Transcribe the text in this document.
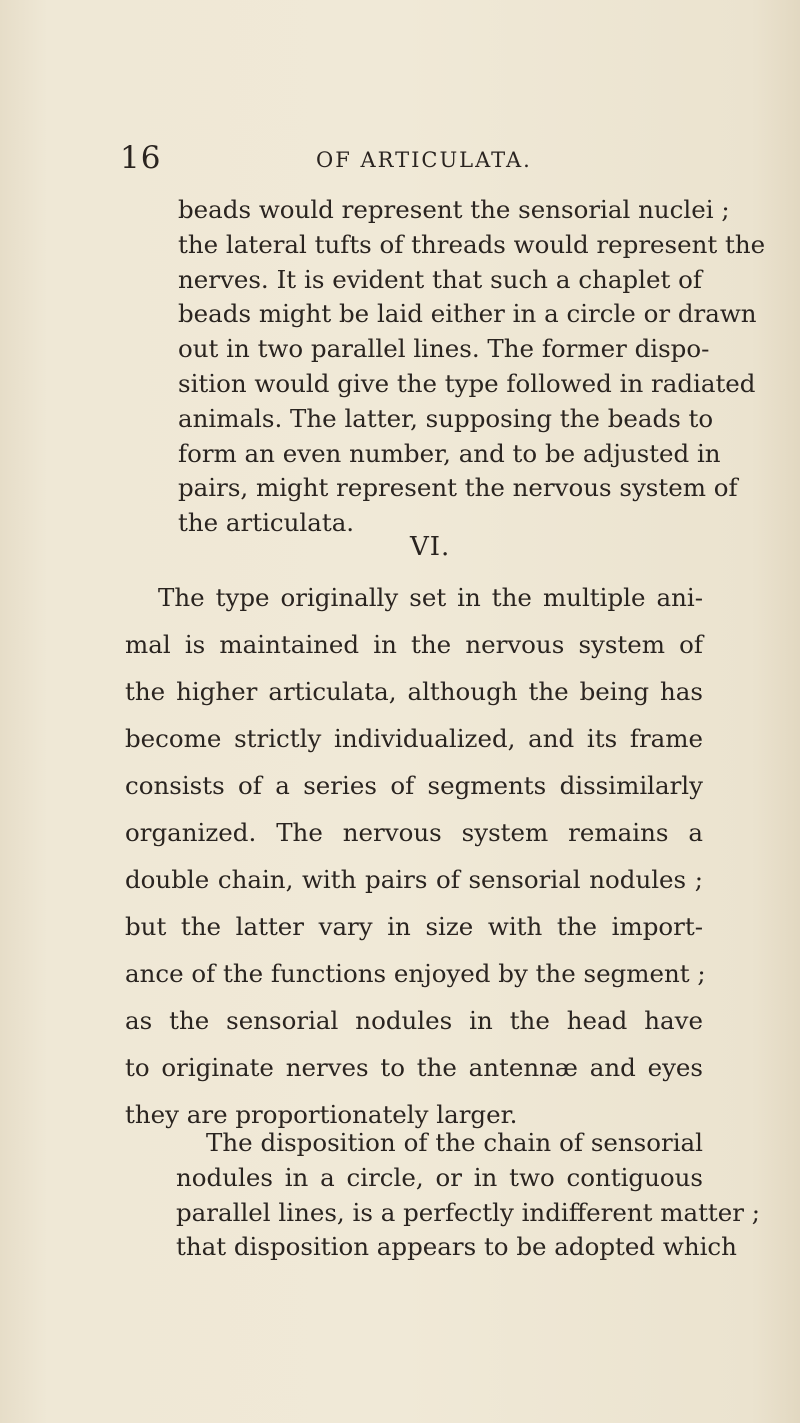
16	OF ARTICULATA.
beads would represent the sensorial nuclei ;
the lateral tufts of threads would represent the
nerves. It is evident that such a chaplet of
beads might be laid either in a circle or drawn
out in two parallel lines. The former dispo-
sition would give the type followed in radiated
animals. The latter, supposing the beads to
form an even number, and to be adjusted in
pairs, might represent the nervous system of
the articulata.
VI.
The type originally set in the multiple ani-
mal is maintained in the nervous system of
the higher articulata, although the being has
become strictly individualized, and its frame
consists of a series of segments dissimilarly
organized. The nervous system remains a
double chain, with pairs of sensorial nodules ;
but the latter vary in size with the import-
ance of the functions enjoyed by the segment ;
as the sensorial nodules in the head have
to originate nerves to the antennæ and eyes
they are proportionately larger.
The disposition of the chain of sensorial
nodules in a circle, or in two contiguous
parallel lines, is a perfectly indifferent matter ;
that disposition appears to be adopted which
